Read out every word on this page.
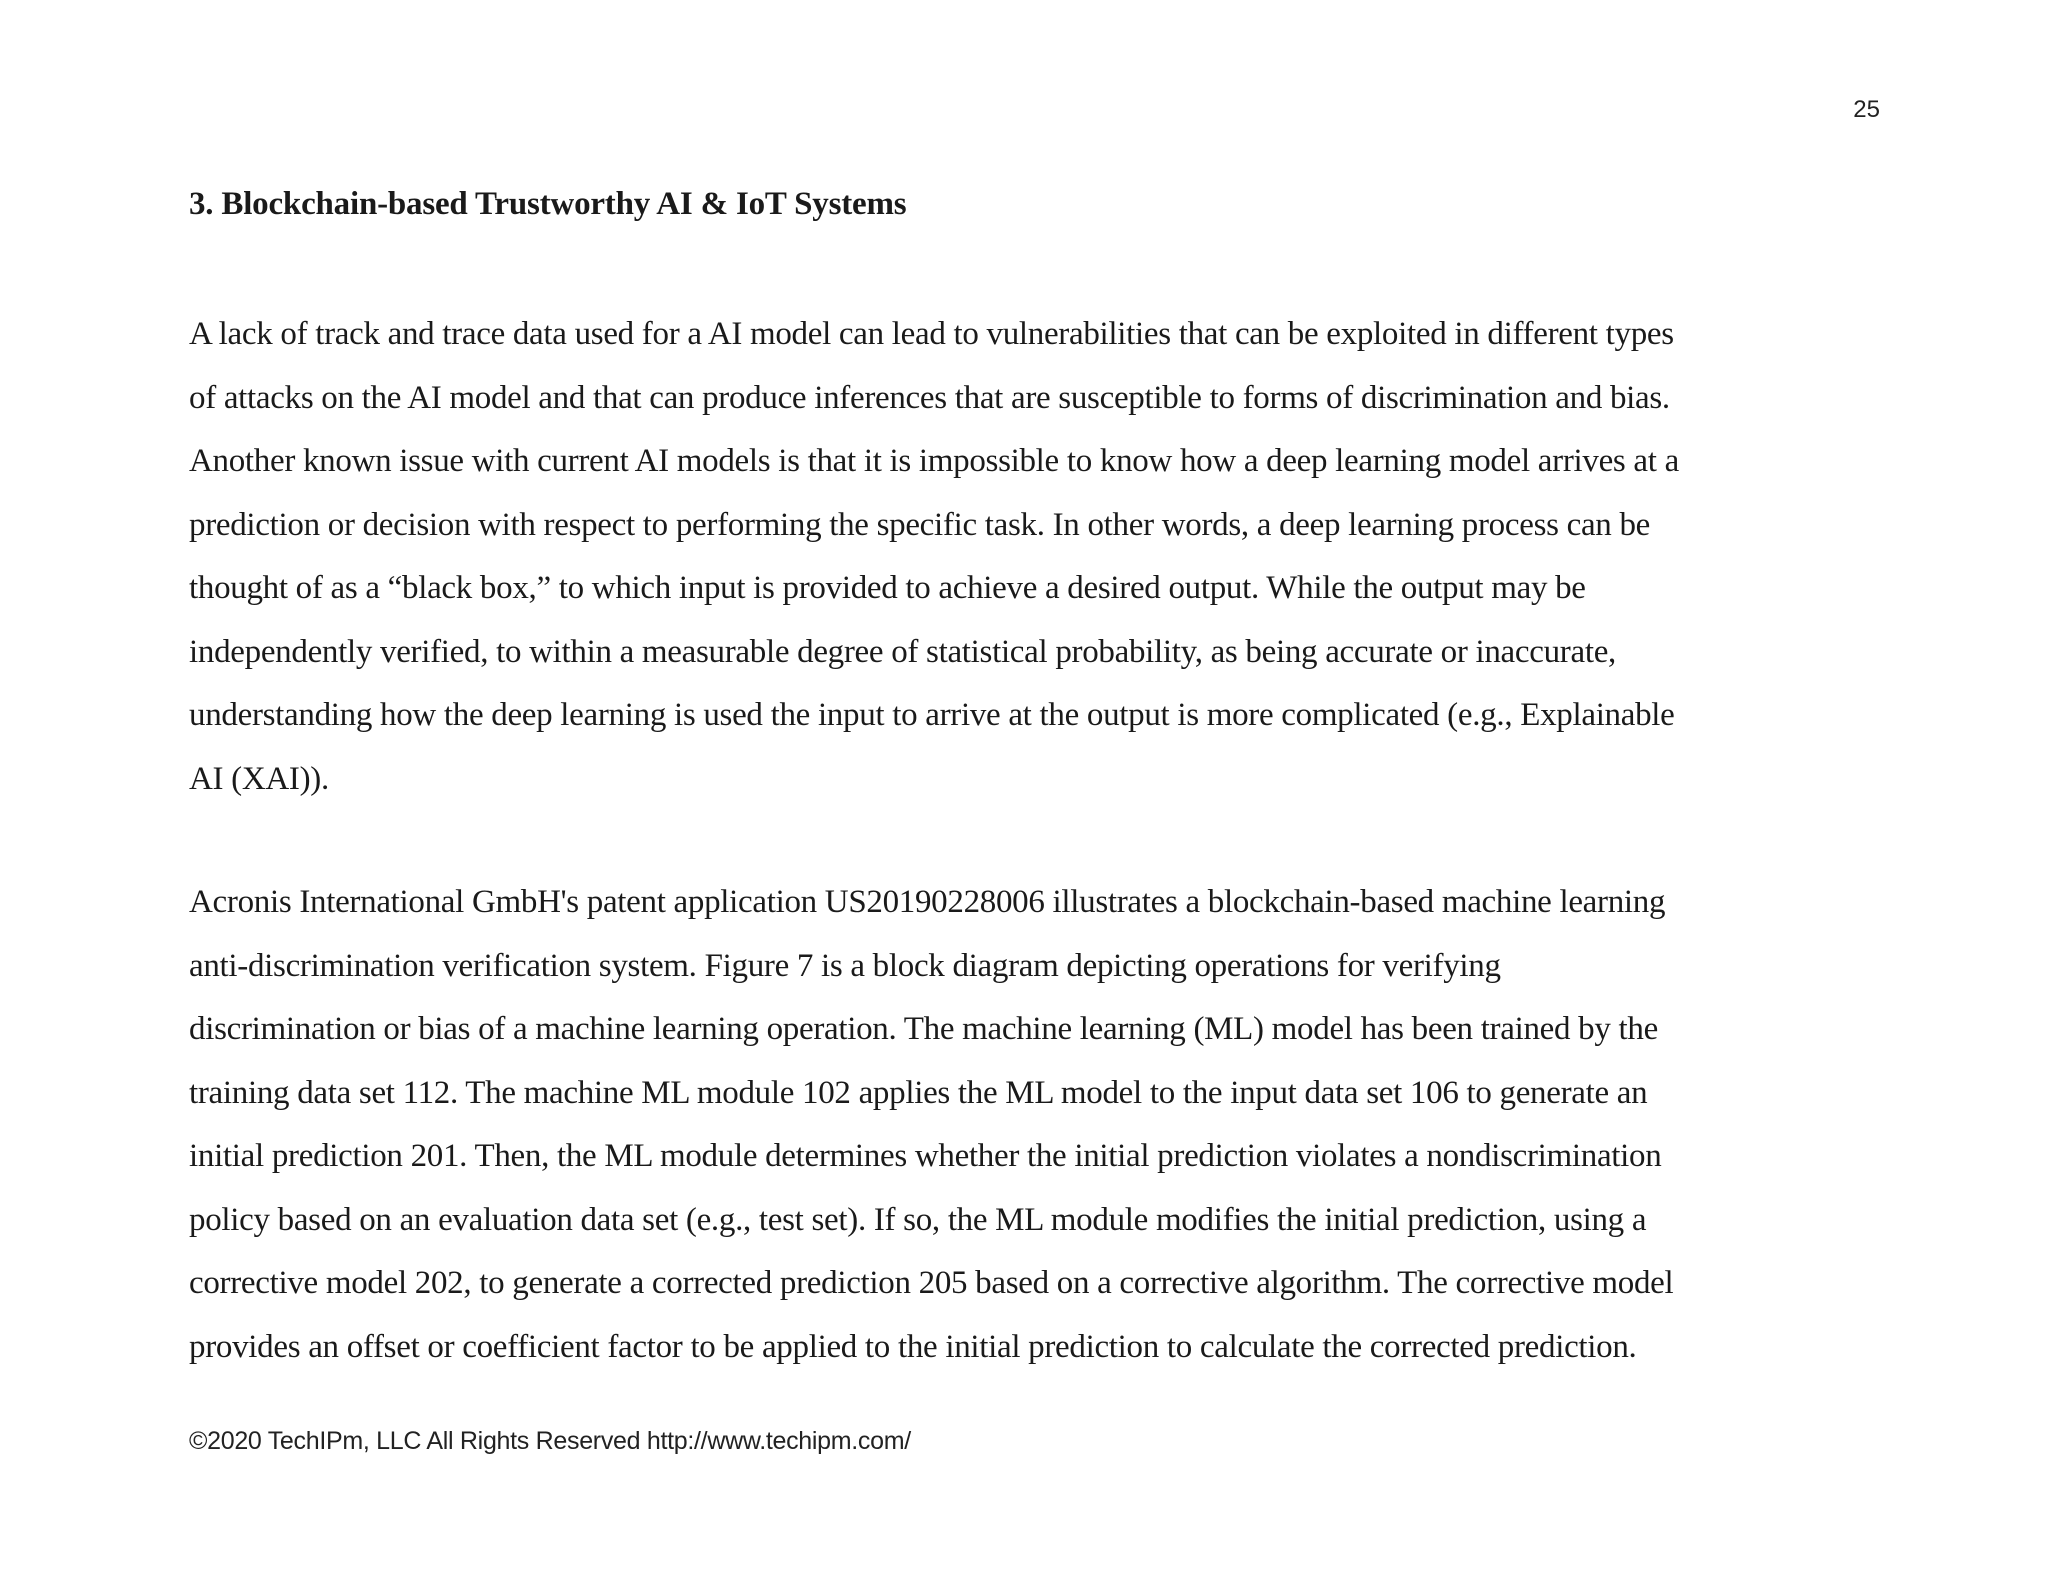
25
3. Blockchain-based Trustworthy AI & IoT Systems

A lack of track and trace data used for a AI model can lead to vulnerabilities that can be exploited in different types
of attacks on the AI model and that can produce inferences that are susceptible to forms of discrimination and bias.
Another known issue with current AI models is that it is impossible to know how a deep learning model arrives at a
prediction or decision with respect to performing the specific task. In other words, a deep learning process can be
thought of as a “black box,” to which input is provided to achieve a desired output. While the output may be
independently verified, to within a measurable degree of statistical probability, as being accurate or inaccurate,
understanding how the deep learning is used the input to arrive at the output is more complicated (e.g., Explainable
AI (XAI)).

Acronis International GmbH's patent application US20190228006 illustrates a blockchain-based machine learning
anti-discrimination verification system. Figure 7 is a block diagram depicting operations for verifying
discrimination or bias of a machine learning operation. The machine learning (ML) model has been trained by the
training data set 112. The machine ML module 102 applies the ML model to the input data set 106 to generate an
initial prediction 201. Then, the ML module determines whether the initial prediction violates a nondiscrimination
policy based on an evaluation data set (e.g., test set). If so, the ML module modifies the initial prediction, using a
corrective model 202, to generate a corrected prediction 205 based on a corrective algorithm. The corrective model
provides an offset or coefficient factor to be applied to the initial prediction to calculate the corrected prediction.

©2020 TechIPm, LLC All Rights Reserved http://www.techipm.com/
